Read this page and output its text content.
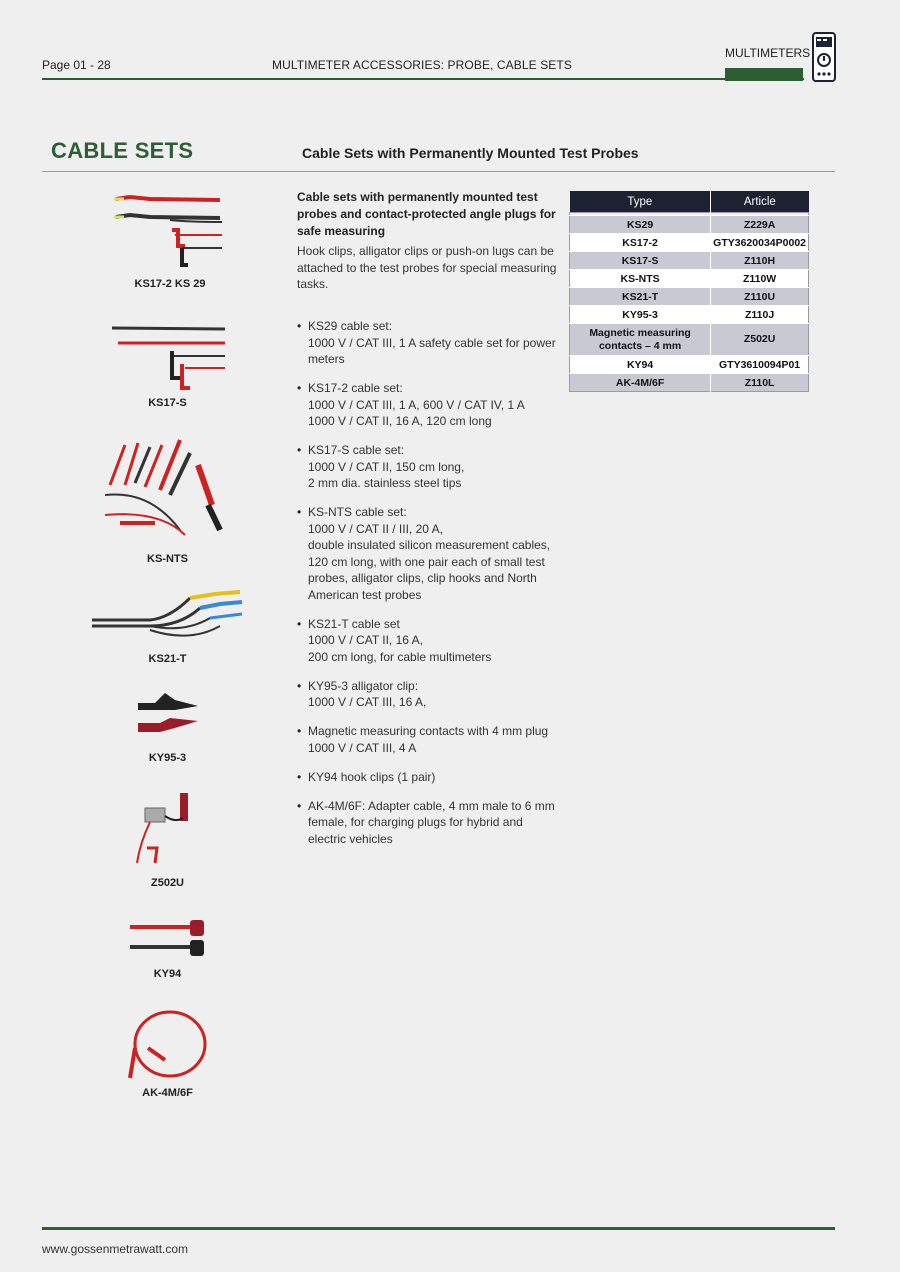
Page 01 - 28	MULTIMETER ACCESSORIES: PROBE, CABLE SETS
MULTIMETERS
CABLE SETS	Cable Sets with Permanently Mounted Test Probes
KS17-2 KS 29
KS17-S
KS-NTS
KS21-T
KY95-3
Z502U
KY94
AK-4M/6F
Cable sets with permanently mounted test probes and contact-protected angle plugs for safe measuring
Hook clips, alligator clips or push-on lugs can be attached to the test probes for special measuring tasks.
• KS29 cable set:
1000 V / CAT III, 1 A safety cable set for power meters
• KS17-2 cable set:
1000 V / CAT III, 1 A, 600 V / CAT IV, 1 A
1000 V / CAT II, 16 A, 120 cm long
• KS17-S cable set:
1000 V / CAT II, 150 cm long,
2 mm dia. stainless steel tips
• KS-NTS cable set:
1000 V / CAT II / III, 20 A,
double insulated silicon measurement cables, 120 cm long, with one pair each of small test probes, alligator clips, clip hooks and North American test probes
• KS21-T cable set
1000 V / CAT II, 16 A,
200 cm long, for cable multimeters
• KY95-3 alligator clip:
1000 V / CAT III, 16 A,
• Magnetic measuring contacts with 4 mm plug
1000 V / CAT III, 4 A
• KY94 hook clips (1 pair)
• AK-4M/6F: Adapter cable, 4 mm male to 6 mm female, for charging plugs for hybrid and electric vehicles
Type	Article

KS29	Z229A
KS17-2	GTY3620034P0002
KS17-S	Z110H
KS-NTS	Z110W
KS21-T	Z110U
KY95-3	Z110J
Magnetic measuring contacts – 4 mm	Z502U
KY94	GTY3610094P01
AK-4M/6F	Z110L
www.gossenmetrawatt.com
